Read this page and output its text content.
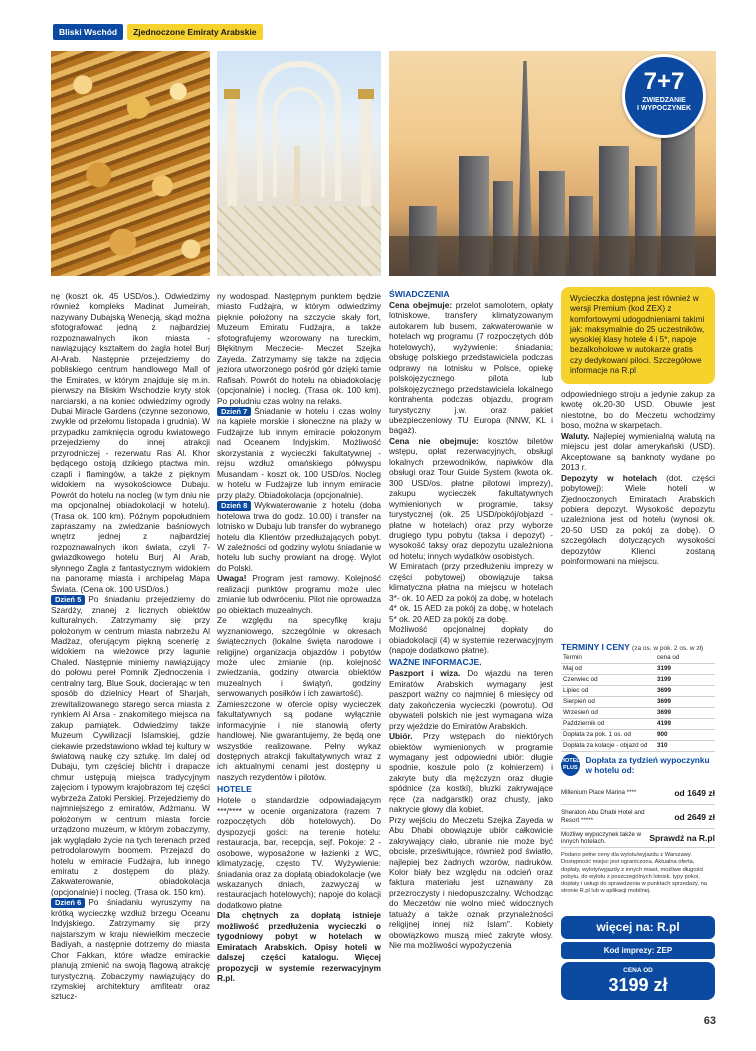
Bliski Wschód	Zjednoczone Emiraty Arabskie
7+7
ZWIEDZANIE
I WYPOCZYNEK

nę (koszt ok. 45 USD/os.). Odwiedzimy również kompleks Madinat Jumeirah, nazywany Dubajską Wenecją, skąd można sfotografować jedną z najbardziej rozpoznawalnych ikon miasta - nawiązujący kształtem do żagla hotel Burj Al-Arab. Następnie przejedziemy do pobliskiego centrum handlowego Mall of the Emirates, w którym znajduje się m.in. pierwszy na Bliskim Wschodzie kryty stok narciarski, a na koniec odwiedzimy ogrody Dubai Miracle Gardens (czynne sezonowo, zwykle od przełomu listopada i grudnia). W przypadku zamknięcia ogrodu kwiatowego przejedziemy do innej atrakcji przyrodniczej - rezerwatu Ras Al. Khor będącego ostoją dzikiego ptactwa min. czapli i flamingów, a także z pięknym widokiem na wysokościowce Dubaju. Powrót do hotelu na nocleg (w tym dniu nie ma opcjonalnej obiadokolacji w hotelu). (Trasa ok. 100 km). Późnym popołudniem zapraszamy na zwiedzanie baśniowych wnętrz jednej z najbardziej rozpoznawalnych ikon świata, czyli 7- gwiazdkowego hotelu Burj Al Arab, słynnego Żagla z fantastycznym widokiem na panoramę miasta i archipelag Mapa Świata. (Cena ok. 100 USD/os.)

Dzień 5 Po śniadaniu przejedziemy do Szardży, znanej z licznych obiektów kulturalnych. Zatrzymamy się przy położonym w centrum miasta nabrzeżu Al Madżaz, oferującym piękną scenerię z widokiem na wieżowce przy lagunie Chaled. Następnie miniemy nawiązujący do połowu pereł Pomnik Zjednoczenia i centralny targ, Blue Souk, docierając w ten sposób do dzielnicy Heart of Sharjah, zrewitalizowanego starego serca miasta z rynkiem Al Arsa - znakomitego miejsca na zakup pamiątek. Odwiedzimy także Muzeum Cywilizacji Islamskiej, gdzie ciekawie przedstawiono wkład tej kultury w światową naukę czy sztukę. Im dalej od Dubaju, tym częściej blichtr i drapacze chmur ustępują miejsca tradycyjnym zajęciom i typowym krajobrazom tej części wybrzeża Zatoki Perskiej. Przejedziemy do najmniejszego z emiratów, Adżmanu. W położonym w centrum miasta forcie urządzono muzeum, w którym zobaczymy, jak wyglądało życie na tych terenach przed petrodolarowym boomem. Przejazd do hotelu w emiracie Fudżajra, lub innego emiratu z dostępem do plaży. Zakwaterowanie, obiadokolacja (opcjonalnie) i nocleg. (Trasa ok. 150 km).

Dzień 6 Po śniadaniu wyruszymy na krótką wycieczkę wzdłuż brzegu Oceanu Indyjskiego. Zatrzymamy się przy najstarszym w kraju niewielkim meczecie Badiyah, a następnie dotrzemy do miasta Chor Fakkan, które władze emirackie planują zmienić na swoją flagową atrakcję turystyczną. Zobaczymy nawiązujący do rzymskiej architektury amfiteatr oraz sztucz-

ny wodospad. Następnym punktem będzie miasto Fudżajra, w którym odwiedzimy pięknie położony na szczycie skały fort, Muzeum Emiratu Fudżajra, a także sfotografujemy wzorowany na tureckim, Błękitnym Meczecie- Meczet Szejka Zayeda. Zatrzymamy się także na zdjęcia jeziora utworzonego pośród gór dzięki tamie Rafisah. Powrót do hotelu na obiadokolację (opcjonalnie) i nocleg. (Trasa ok. 100 km). Po południu czas wolny na relaks.

Dzień 7 Śniadanie w hotelu i czas wolny na kąpiele morskie i słoneczne na plaży w Fudżajrze lub innym emiracie położonym nad Oceanem Indyjskim. Możliwość skorzystania z wycieczki fakultatywnej - rejsu wzdłuż omańskiego półwyspu Musandam - koszt ok. 100 USD/os. Nocleg w hotelu w Fudżajrze lub innym emiracie przy plaży. Obiadokolacja (opcjonalnie).

Dzień 8 Wykwaterowanie z hotelu (doba hotelowa trwa do godz. 10.00) i transfer na lotnisko w Dubaju lub transfer do wybranego hotelu dla Klientów przedłużających pobyt. W zależności od godziny wylotu śniadanie w hotelu lub suchy prowiant na drogę. Wylot do Polski.

Uwaga! Program jest ramowy. Kolejność realizacji punktów programu może ulec zmianie lub odwróceniu. Pilot nie oprowadza po obiektach muzealnych.

Ze względu na specyfikę kraju wyznaniowego, szczególnie w okresach świątecznych (lokalne święta narodowe i religijne) organizacja objazdów i pobytów może ulec zmianie (np. kolejność zwiedzania, godziny otwarcia obiektów muzealnych i świątyń, godziny serwowanych posiłków i ich zawartość).

Zamieszczone w ofercie opisy wycieczek fakultatywnych są podane wyłącznie informacyjnie i nie stanowią oferty handlowej. Nie gwarantujemy, że będą one wszystkie realizowane. Pełny wykaz dostępnych atrakcji fakultatywnych wraz z ich aktualnymi cenami jest dostępny u naszych rezydentów i pilotów.

HOTELE

Hotele o standardzie odpowiadającym ***/**** w ocenie organizatora (razem 7 rozpoczętych dób hotelowych). Do dyspozycji gości: na terenie hotelu: restauracja, bar, recepcja, sejf. Pokoje: 2 - osobowe, wyposażone w łazienki z WC, klimatyzację, często TV. Wyżywienie: śniadania oraz za dopłatą obiadokolacje (we wskazanych dniach, zazwyczaj w restauracjach hotelowych); napoje do kolacji dodatkowo płatne

Dla chętnych za dopłatą istnieje możliwość przedłużenia wycieczki o tygodniowy pobyt w hotelach w Emiratach Arabskich. Opisy hoteli w dalszej części katalogu. Więcej propozycji w systemie rezerwacyjnym R.pl.

ŚWIADCZENIA

Cena obejmuje: przelot samolotem, opłaty lotniskowe, transfery klimatyzowanym autokarem lub busem, zakwaterowanie w hotelach wg programu (7 rozpoczętych dób hotelowych), wyżywienie: śniadania; obsługę polskiego przedstawiciela podczas odprawy na lotnisku w Polsce, opiekę polskojęzycznego pilota lub polskojęzycznego przedstawiciela lokalnego kontrahenta podczas objazdu, program turystyczny j.w. oraz pakiet ubezpieczeniowy TU Europa (NNW, KL i bagaż).

Cena nie obejmuje: kosztów biletów wstępu, opłat rezerwacyjnych, obsługi lokalnych przewodników, napiwków dla obsługi oraz Tour Guide System (kwota ok. 300 USD/os. płatne pilotowi imprezy), zakupu wycieczek fakultatywnych wymienionych w programie, taksy turystycznej (ok. 25 USD/pokój/objazd - płatne w hotelach) oraz przy wyborze drugiego typu pobytu (taksa i depozyt) - wysokość taksy oraz depozytu uzależniona od hotelu; innych wydatków osobistych.

W Emiratach (przy przedłużeniu imprezy w części pobytowej) obowiązuje taksa klimatyczna płatna na miejscu w hotelach 3*- ok. 10 AED za pokój za dobę, w hotelach 4* ok. 15 AED za pokój za dobę, w hotelach 5* ok. 20 AED za pokój za dobę.

Możliwość opcjonalnej dopłaty do obiadokolacji (4) w systemie rezerwacyjnym (napoje dodatkowo płatne).

WAŻNE INFORMACJE.

Paszport i wiza. Do wjazdu na teren Emiratów Arabskich wymagany jest paszport ważny co najmniej 6 miesięcy od daty zakończenia wycieczki (powrotu). Od obywateli polskich nie jest wymagana wiza przy wjeździe do Emiratów Arabskich.

Ubiór. Przy wstępach do niektórych obiektów wymienionych w programie wymagany jest odpowiedni ubiór: długie spodnie, koszule polo (z kołnierzem) i zakryte buty dla mężczyzn oraz długie spódnice (za kostki), bluzki zakrywające ręce (za nadgarstki) oraz chusty, jako nakrycie głowy dla kobiet.

Przy wejściu do Meczetu Szejka Zayeda w Abu Dhabi obowiązuje ubiór całkowicie zakrywający ciało, ubranie nie może być obcisłe, prześwitujące, również pod światło, najlepiej bez żadnych wzorów, nadruków. Kolor biały bez względu na odcień oraz faktura materiału jest uznawany za przezroczysty i niedopuszczalny. Wchodząc do Meczetów nie wolno mieć widocznych tatuaży a także oznak przynależności religijnej innej niż Islam". Kobiety obowiązkowo muszą mieć zakryte włosy. Nie ma możliwości wypożyczenia

Wycieczka dostępna jest również w wersji Premium (kod ZEX) z komfortowymi udogodnieniami takimi jak: maksymalnie do 25 uczestników, wysokiej klasy hotele 4 i 5*, napoje bezalkoholowe w autokarze gratis czy dedykowani piloci. Szczegółowe informacje na R.pl

odpowiedniego stroju a jedynie zakup za kwotę ok.20-30 USD. Obuwie jest niestotne, bo do Meczetu wchodzimy boso, można w skarpetach.

Waluty. Najlepiej wymienialną walutą na miejscu jest dolar amerykański (USD). Akceptowane są banknoty wydane po 2013 r.

Depozyty w hotelach (dot. części pobytowej): Wiele hoteli w Zjednoczonych Emiratach Arabskich pobiera depozyt. Wysokość depozytu uzależniona jest od hotelu (wynosi ok. 20-50 USD za pokój za dobę). O szczegółach dotyczących wysokości depozytów Klienci zostaną poinformowani na miejscu.

TERMINY I CENY (za os. w pok. 2 os. w zł)
Termin	cena od
Maj od	3199
Czerwiec od	3199
Lipiec od	3699
Sierpień od	3699
Wrzesień od	3699
Październik od	4199
Dopłata za pok. 1 os. od	900
Dopłata za kolacje - objazd od	310
HOTEL PLUS
Dopłata za tydzień wypoczynku w hotelu od:
Millenium Place Marina ****	od 1649 zł
Sheraton Abu Dhabi Hotel and Resort *****	od 2649 zł
Możliwy wypoczynek także w innych hotelach.	Sprawdź na R.pl
Podano pełne ceny dla wylotu/wyjazdu z Warszawy. Dostępność miejsc jest ograniczona. Aktualna oferta, dopłaty, wyloty/wyjazdy z innych miast, możliwe długości pobytu, do wylotu z poszczególnych lotnisk, typy pokoi, dopłaty i usługi do sprawdzenia w punktach sprzedaży, na stronie R.pl lub w aplikacji mobilnej.
więcej na: R.pl
Kod imprezy: ZEP
CENA OD
3199 zł
63
